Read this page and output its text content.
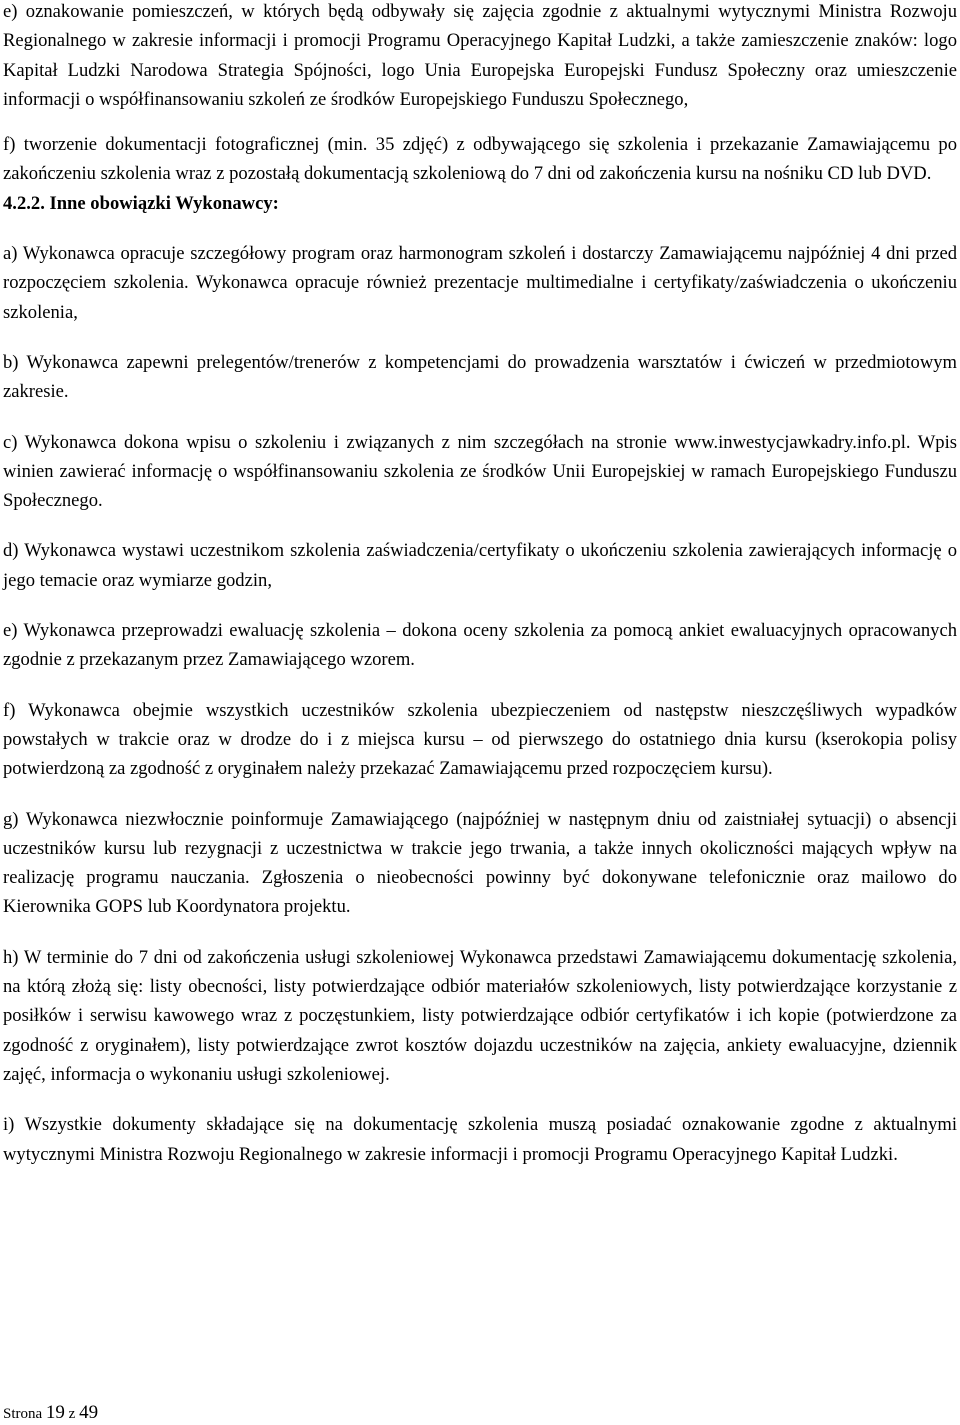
e) oznakowanie pomieszczeń, w których będą odbywały się zajęcia zgodnie z aktualnymi wytycznymi Ministra Rozwoju Regionalnego w zakresie informacji i promocji Programu Operacyjnego Kapitał Ludzki, a także zamieszczenie znaków: logo Kapitał Ludzki Narodowa Strategia Spójności, logo Unia Europejska Europejski Fundusz Społeczny oraz umieszczenie informacji o współfinansowaniu szkoleń ze środków Europejskiego Funduszu Społecznego,

f) tworzenie dokumentacji fotograficznej (min. 35 zdjęć) z odbywającego się szkolenia i przekazanie Zamawiającemu po zakończeniu szkolenia wraz z pozostałą dokumentacją szkoleniową do 7 dni od zakończenia kursu na nośniku CD lub DVD.

4.2.2. Inne obowiązki Wykonawcy:

a) Wykonawca opracuje szczegółowy program oraz harmonogram szkoleń i dostarczy Zamawiającemu najpóźniej 4 dni przed rozpoczęciem szkolenia. Wykonawca opracuje również prezentacje multimedialne i certyfikaty/zaświadczenia o ukończeniu szkolenia,

b) Wykonawca zapewni prelegentów/trenerów z kompetencjami do prowadzenia warsztatów i ćwiczeń w przedmiotowym zakresie.

c) Wykonawca dokona wpisu o szkoleniu i związanych z nim szczegółach na stronie www.inwestycjawkadry.info.pl. Wpis winien zawierać informację o współfinansowaniu szkolenia ze środków Unii Europejskiej w ramach Europejskiego Funduszu Społecznego.

d) Wykonawca wystawi uczestnikom szkolenia zaświadczenia/certyfikaty o ukończeniu szkolenia zawierających informację o jego temacie oraz wymiarze godzin,

e) Wykonawca przeprowadzi ewaluację szkolenia – dokona oceny szkolenia za pomocą ankiet ewaluacyjnych opracowanych zgodnie z przekazanym przez Zamawiającego wzorem.

f) Wykonawca obejmie wszystkich uczestników szkolenia ubezpieczeniem od następstw nieszczęśliwych wypadków powstałych w trakcie oraz w drodze do i z miejsca kursu – od pierwszego do ostatniego dnia kursu (kserokopia polisy potwierdzoną za zgodność z oryginałem należy przekazać Zamawiającemu przed rozpoczęciem kursu).

g) Wykonawca niezwłocznie poinformuje Zamawiającego (najpóźniej w następnym dniu od zaistniałej sytuacji) o absencji uczestników kursu lub rezygnacji z uczestnictwa w trakcie jego trwania, a także innych okoliczności mających wpływ na realizację programu nauczania. Zgłoszenia o nieobecności powinny być dokonywane telefonicznie oraz mailowo do Kierownika GOPS lub Koordynatora projektu.

h) W terminie do 7 dni od zakończenia usługi szkoleniowej Wykonawca przedstawi Zamawiającemu dokumentację szkolenia, na którą złożą się: listy obecności, listy potwierdzające odbiór materiałów szkoleniowych, listy potwierdzające korzystanie z posiłków i serwisu kawowego wraz z poczęstunkiem, listy potwierdzające odbiór certyfikatów i ich kopie (potwierdzone za zgodność z oryginałem), listy potwierdzające zwrot kosztów dojazdu uczestników na zajęcia, ankiety ewaluacyjne, dziennik zajęć, informacja o wykonaniu usługi szkoleniowej.

i) Wszystkie dokumenty składające się na dokumentację szkolenia muszą posiadać oznakowanie zgodne z aktualnymi wytycznymi Ministra Rozwoju Regionalnego w zakresie informacji i promocji Programu Operacyjnego Kapitał Ludzki.

Strona 19 z 49
